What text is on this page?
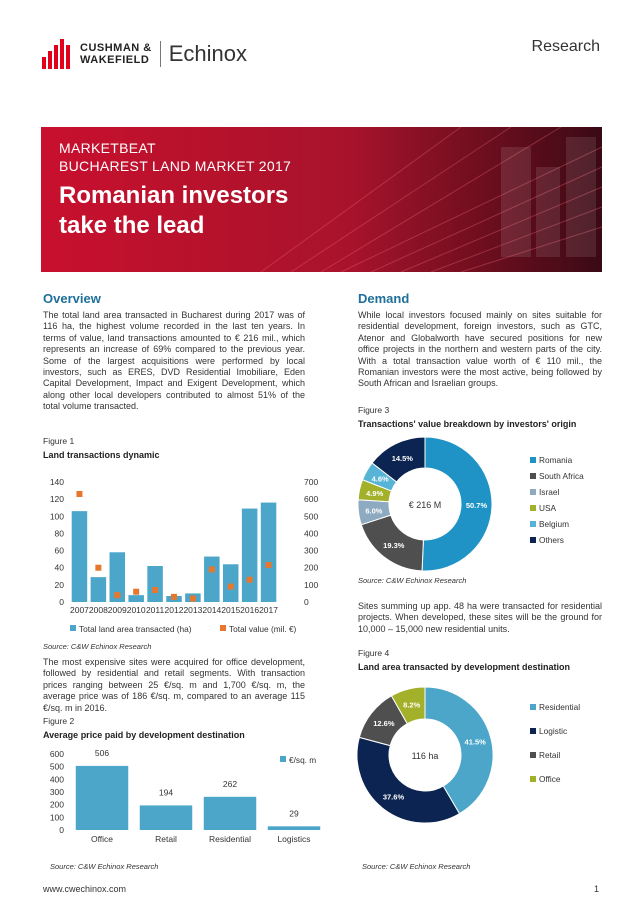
CUSHMAN &
WAKEFIELD Echinox	Research
MARKETBEAT
BUCHAREST LAND MARKET 2017
Romanian investors
take the lead
Overview

The total land area transacted in Bucharest during 2017 was of 116 ha, the highest volume recorded in the last ten years. In terms of value, land transactions amounted to € 216 mil., which represents an increase of 69% compared to the previous year. Some of the largest acquisitions were performed by local investors, such as ERES, DVD Residential Imobiliare, Eden Capital Development, Impact and Exigent Development, which along other local developers contributed to almost 51% of the total volume transacted.

Figure 1
Land transactions dynamic
0
20
40
60
80
100
120
140
0
100
200
300
400
500
600
700
2007 2008 2009 2010 2011 2012 2013 2014 2015 2016 2017
Total land area transacted (ha)	Total value (mil. €)
Source: C&W Echinox Research

The most expensive sites were acquired for office development, followed by residential and retail segments. With transaction prices ranging between 25 €/sq. m and 1,700 €/sq. m, the average price was of 186 €/sq. m, compared to an average 115 €/sq. m in 2016.

Figure 2
Average price paid by development destination
0
100
200
300
400
500
600	506
Office
194
Retail
262
Residential
29
Logistics
€/sq. m
Source: C&W Echinox Research
Demand

While local investors focused mainly on sites suitable for residential development, foreign investors, such as GTC, Atenor and Globalworth have secured positions for new office projects in the northern and western parts of the city. With a total transaction value worth of € 110 mil., the Romanian investors were the most active, being followed by South African and Israelian groups.

Figure 3
Transactions' value breakdown by investors' origin
50.7%
19.3%
6.0%
4.9%
4.6%
14.5%
€ 216 M
Romania
South Africa
Israel
USA
Belgium
Others
Source: C&W Echinox Research

Sites summing up app. 48 ha were transacted for residential projects. When developed, these sites will be the ground for 10,000 – 15,000 new residential units.

Figure 4
Land area transacted by development destination
41.5%
37.6%
12.6%
8.2%
116 ha
Residential
Logistic
Retail
Office
Source: C&W Echinox Research
www.cwechinox.com	1
